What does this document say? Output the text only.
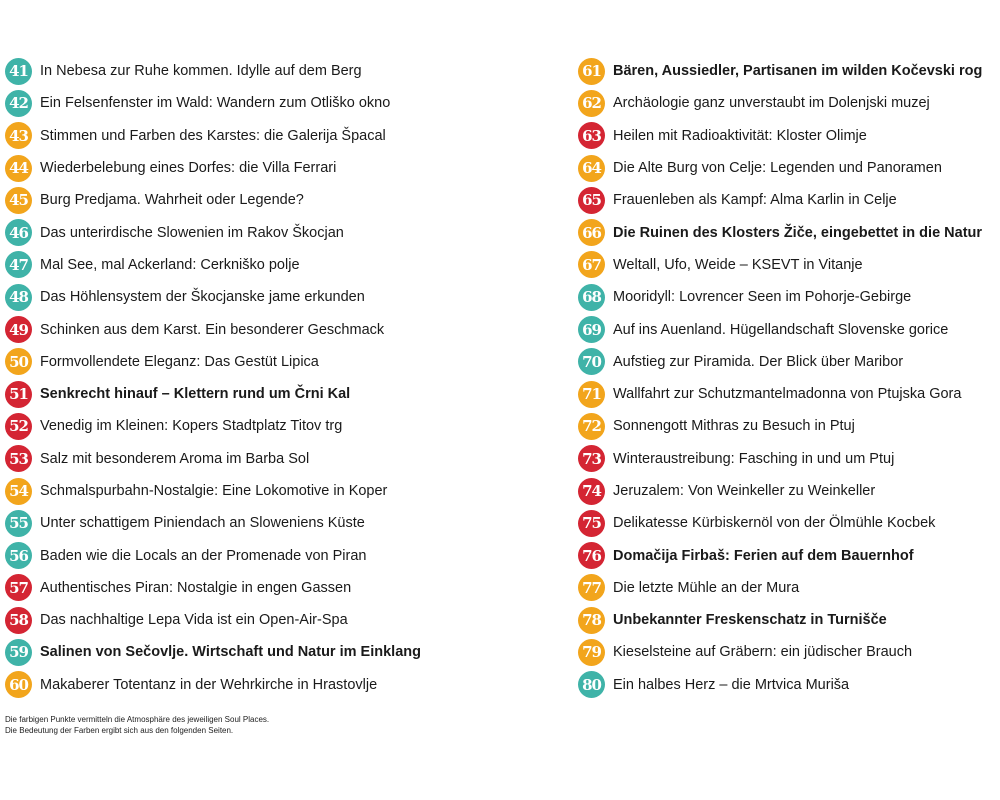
41 In Nebesa zur Ruhe kommen. Idylle auf dem Berg
42 Ein Felsenfenster im Wald: Wandern zum Otliško okno
43 Stimmen und Farben des Karstes: die Galerija Špacal
44 Wiederbelebung eines Dorfes: die Villa Ferrari
45 Burg Predjama. Wahrheit oder Legende?
46 Das unterirdische Slowenien im Rakov Škocjan
47 Mal See, mal Ackerland: Cerkniško polje
48 Das Höhlensystem der Škocjanske jame erkunden
49 Schinken aus dem Karst. Ein besonderer Geschmack
50 Formvollendete Eleganz: Das Gestüt Lipica
51 Senkrecht hinauf – Klettern rund um Črni Kal
52 Venedig im Kleinen: Kopers Stadtplatz Titov trg
53 Salz mit besonderem Aroma im Barba Sol
54 Schmalspurbahn-Nostalgie: Eine Lokomotive in Koper
55 Unter schattigem Piniendach an Sloweniens Küste
56 Baden wie die Locals an der Promenade von Piran
57 Authentisches Piran: Nostalgie in engen Gassen
58 Das nachhaltige Lepa Vida ist ein Open-Air-Spa
59 Salinen von Sečovlje. Wirtschaft und Natur im Einklang
60 Makaberer Totentanz in der Wehrkirche in Hrastovlje
61 Bären, Aussiedler, Partisanen im wilden Kočevski rog
62 Archäologie ganz unverstaubt im Dolenjski muzej
63 Heilen mit Radioaktivität: Kloster Olimje
64 Die Alte Burg von Celje: Legenden und Panoramen
65 Frauenleben als Kampf: Alma Karlin in Celje
66 Die Ruinen des Klosters Žiče, eingebettet in die Natur
67 Weltall, Ufo, Weide – KSEVT in Vitanje
68 Mooridyll: Lovrencer Seen im Pohorje-Gebirge
69 Auf ins Auenland. Hügellandschaft Slovenske gorice
70 Aufstieg zur Piramida. Der Blick über Maribor
71 Wallfahrt zur Schutzmantelmadonna von Ptujska Gora
72 Sonnengott Mithras zu Besuch in Ptuj
73 Winteraustreibung: Fasching in und um Ptuj
74 Jeruzalem: Von Weinkeller zu Weinkeller
75 Delikatesse Kürbiskernöl von der Ölmühle Kocbek
76 Domačija Firbaš: Ferien auf dem Bauernhof
77 Die letzte Mühle an der Mura
78 Unbekannter Freskenschatz in Turnišče
79 Kieselsteine auf Gräbern: ein jüdischer Brauch
80 Ein halbes Herz – die Mrtvica Muriša
Die farbigen Punkte vermitteln die Atmosphäre des jeweiligen Soul Places.
Die Bedeutung der Farben ergibt sich aus den folgenden Seiten.
